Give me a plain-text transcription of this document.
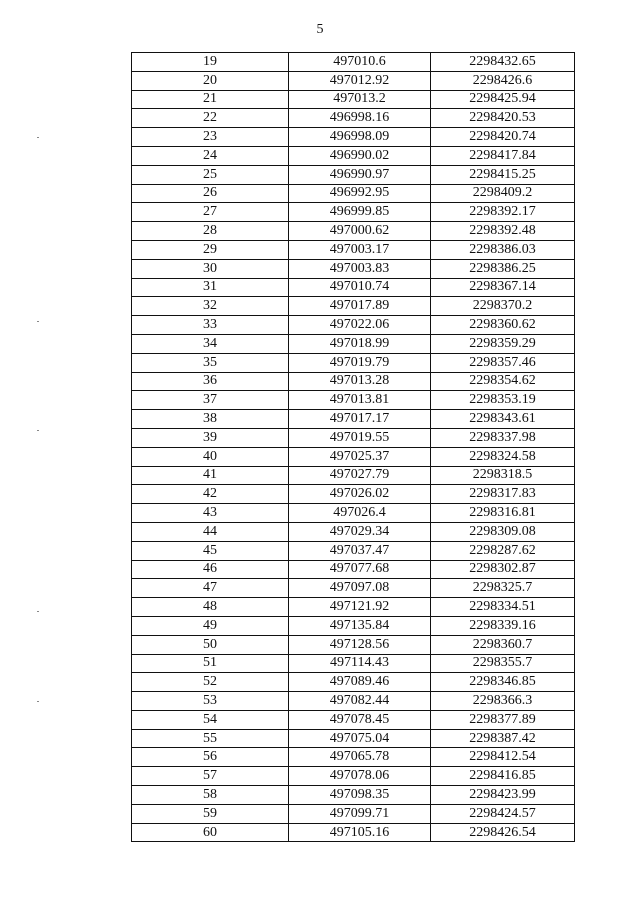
5
19	497010.6	2298432.65
20	497012.92	2298426.6
21	497013.2	2298425.94
22	496998.16	2298420.53
23	496998.09	2298420.74
24	496990.02	2298417.84
25	496990.97	2298415.25
26	496992.95	2298409.2
27	496999.85	2298392.17
28	497000.62	2298392.48
29	497003.17	2298386.03
30	497003.83	2298386.25
31	497010.74	2298367.14
32	497017.89	2298370.2
33	497022.06	2298360.62
34	497018.99	2298359.29
35	497019.79	2298357.46
36	497013.28	2298354.62
37	497013.81	2298353.19
38	497017.17	2298343.61
39	497019.55	2298337.98
40	497025.37	2298324.58
41	497027.79	2298318.5
42	497026.02	2298317.83
43	497026.4	2298316.81
44	497029.34	2298309.08
45	497037.47	2298287.62
46	497077.68	2298302.87
47	497097.08	2298325.7
48	497121.92	2298334.51
49	497135.84	2298339.16
50	497128.56	2298360.7
51	497114.43	2298355.7
52	497089.46	2298346.85
53	497082.44	2298366.3
54	497078.45	2298377.89
55	497075.04	2298387.42
56	497065.78	2298412.54
57	497078.06	2298416.85
58	497098.35	2298423.99
59	497099.71	2298424.57
60	497105.16	2298426.54
